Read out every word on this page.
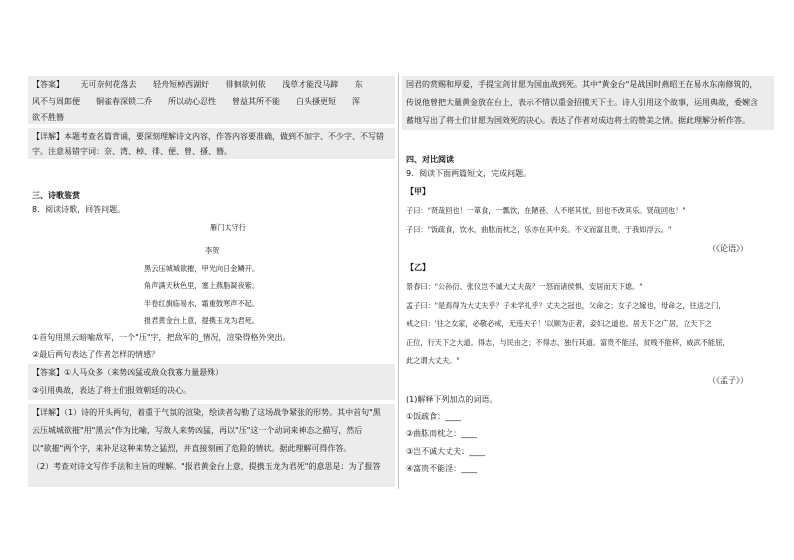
【答案】 无可奈何花落去 轻舟短棹西湖好 徘徊欲何依 浅草才能没马蹄 东
风不与周郎便　　铜雀春深锁二乔　　所以动心忍性　　曾益其所不能　　白头搔更短　　浑
欲不胜簪
【详解】本题考查名篇背诵，要深刻理解诗文内容，作答内容要准确，做到不加字、不少字、不写错
字。注意易错字词：奈、湾、棹、徘、便、曾、搔、簪。
三、诗歌鉴赏
8．阅读诗歌，回答问题。
雁门太守行
李贺
黑云压城城欲摧，甲光向日金鳞开。
角声满天秋色里，塞上燕脂凝夜紫。
半卷红旗临易水，霜重鼓寒声不起。
报君黄金台上意，提携玉龙为君死。
①首句用黑云暗喻敌军，一个"压"字，把敌军的_情况，渲染得格外突出。
②最后两句表达了作者怎样的情感？
【答案】①人马众多（来势凶猛或敌众我寡力量悬殊）
②引用典故，表达了将士们报效朝廷的决心。
【详解】（1）诗的开头两句，着重于气氛的渲染，绘读者勾勒了这场战争紧张的形势。其中首句"黑
云压城城欲摧"用"黑云"作为比喻，写敌人来势凶猛，再以"压"这一个动词来神态之描写，然后
以"欲摧"两个字，来补足这种来势之猛烈，并直接刻画了危险的情状。据此理解可得作答。
（2）考查对诗文写作手法和主旨的理解。"报君黄金台上意，提携玉龙为君死"的意思是：为了报答
国君的赏赐和厚爱，手提宝剑甘愿为国血战到死。其中"黄金台"是战国时燕昭王在易水东南修筑的，
传说他曾把大量黄金放在台上，表示不惜以重金招揽天下士。诗人引用这个故事，运用典故，委婉含
蓄地写出了将士们甘愿为国效死的决心。表达了作者对成边将士的赞美之情。据此理解分析作答。
四、对比阅读
9．阅读下面两篇短文，完成问题。
【甲】
子曰："贤哉回也！一箪食，一瓢饮，在陋巷，人不堪其忧，回也不改其乐。贤哉回也！"
子曰："饭疏食，饮水，曲肱而枕之，乐亦在其中矣。不义而富且贵，于我如浮云。"
（《论语》）
【乙】
景春曰："公孙衍、张仪岂不诚大丈夫哉？一怒而诸侯惧，安居而天下熄。"
孟子曰："是焉得为大丈夫乎？子未学礼乎？丈夫之冠也，父命之；女子之嫁也，母命之，往送之门，
戒之曰：'往之女家，必敬必戒，无违夫子！'以顺为正者，妾妇之道也。居天下之广居，立天下之
正位，行天下之大道。得志，与民由之；不得志，独行其道。富贵不能淫，贫贱不能移，威武不能屈，
此之谓大丈夫。"
（《孟子》）
(1)解释下列加点的词语。
①饭疏食：____
②曲肱而枕之：____
③岂不诚大丈夫：____
④富贵不能淫：____
